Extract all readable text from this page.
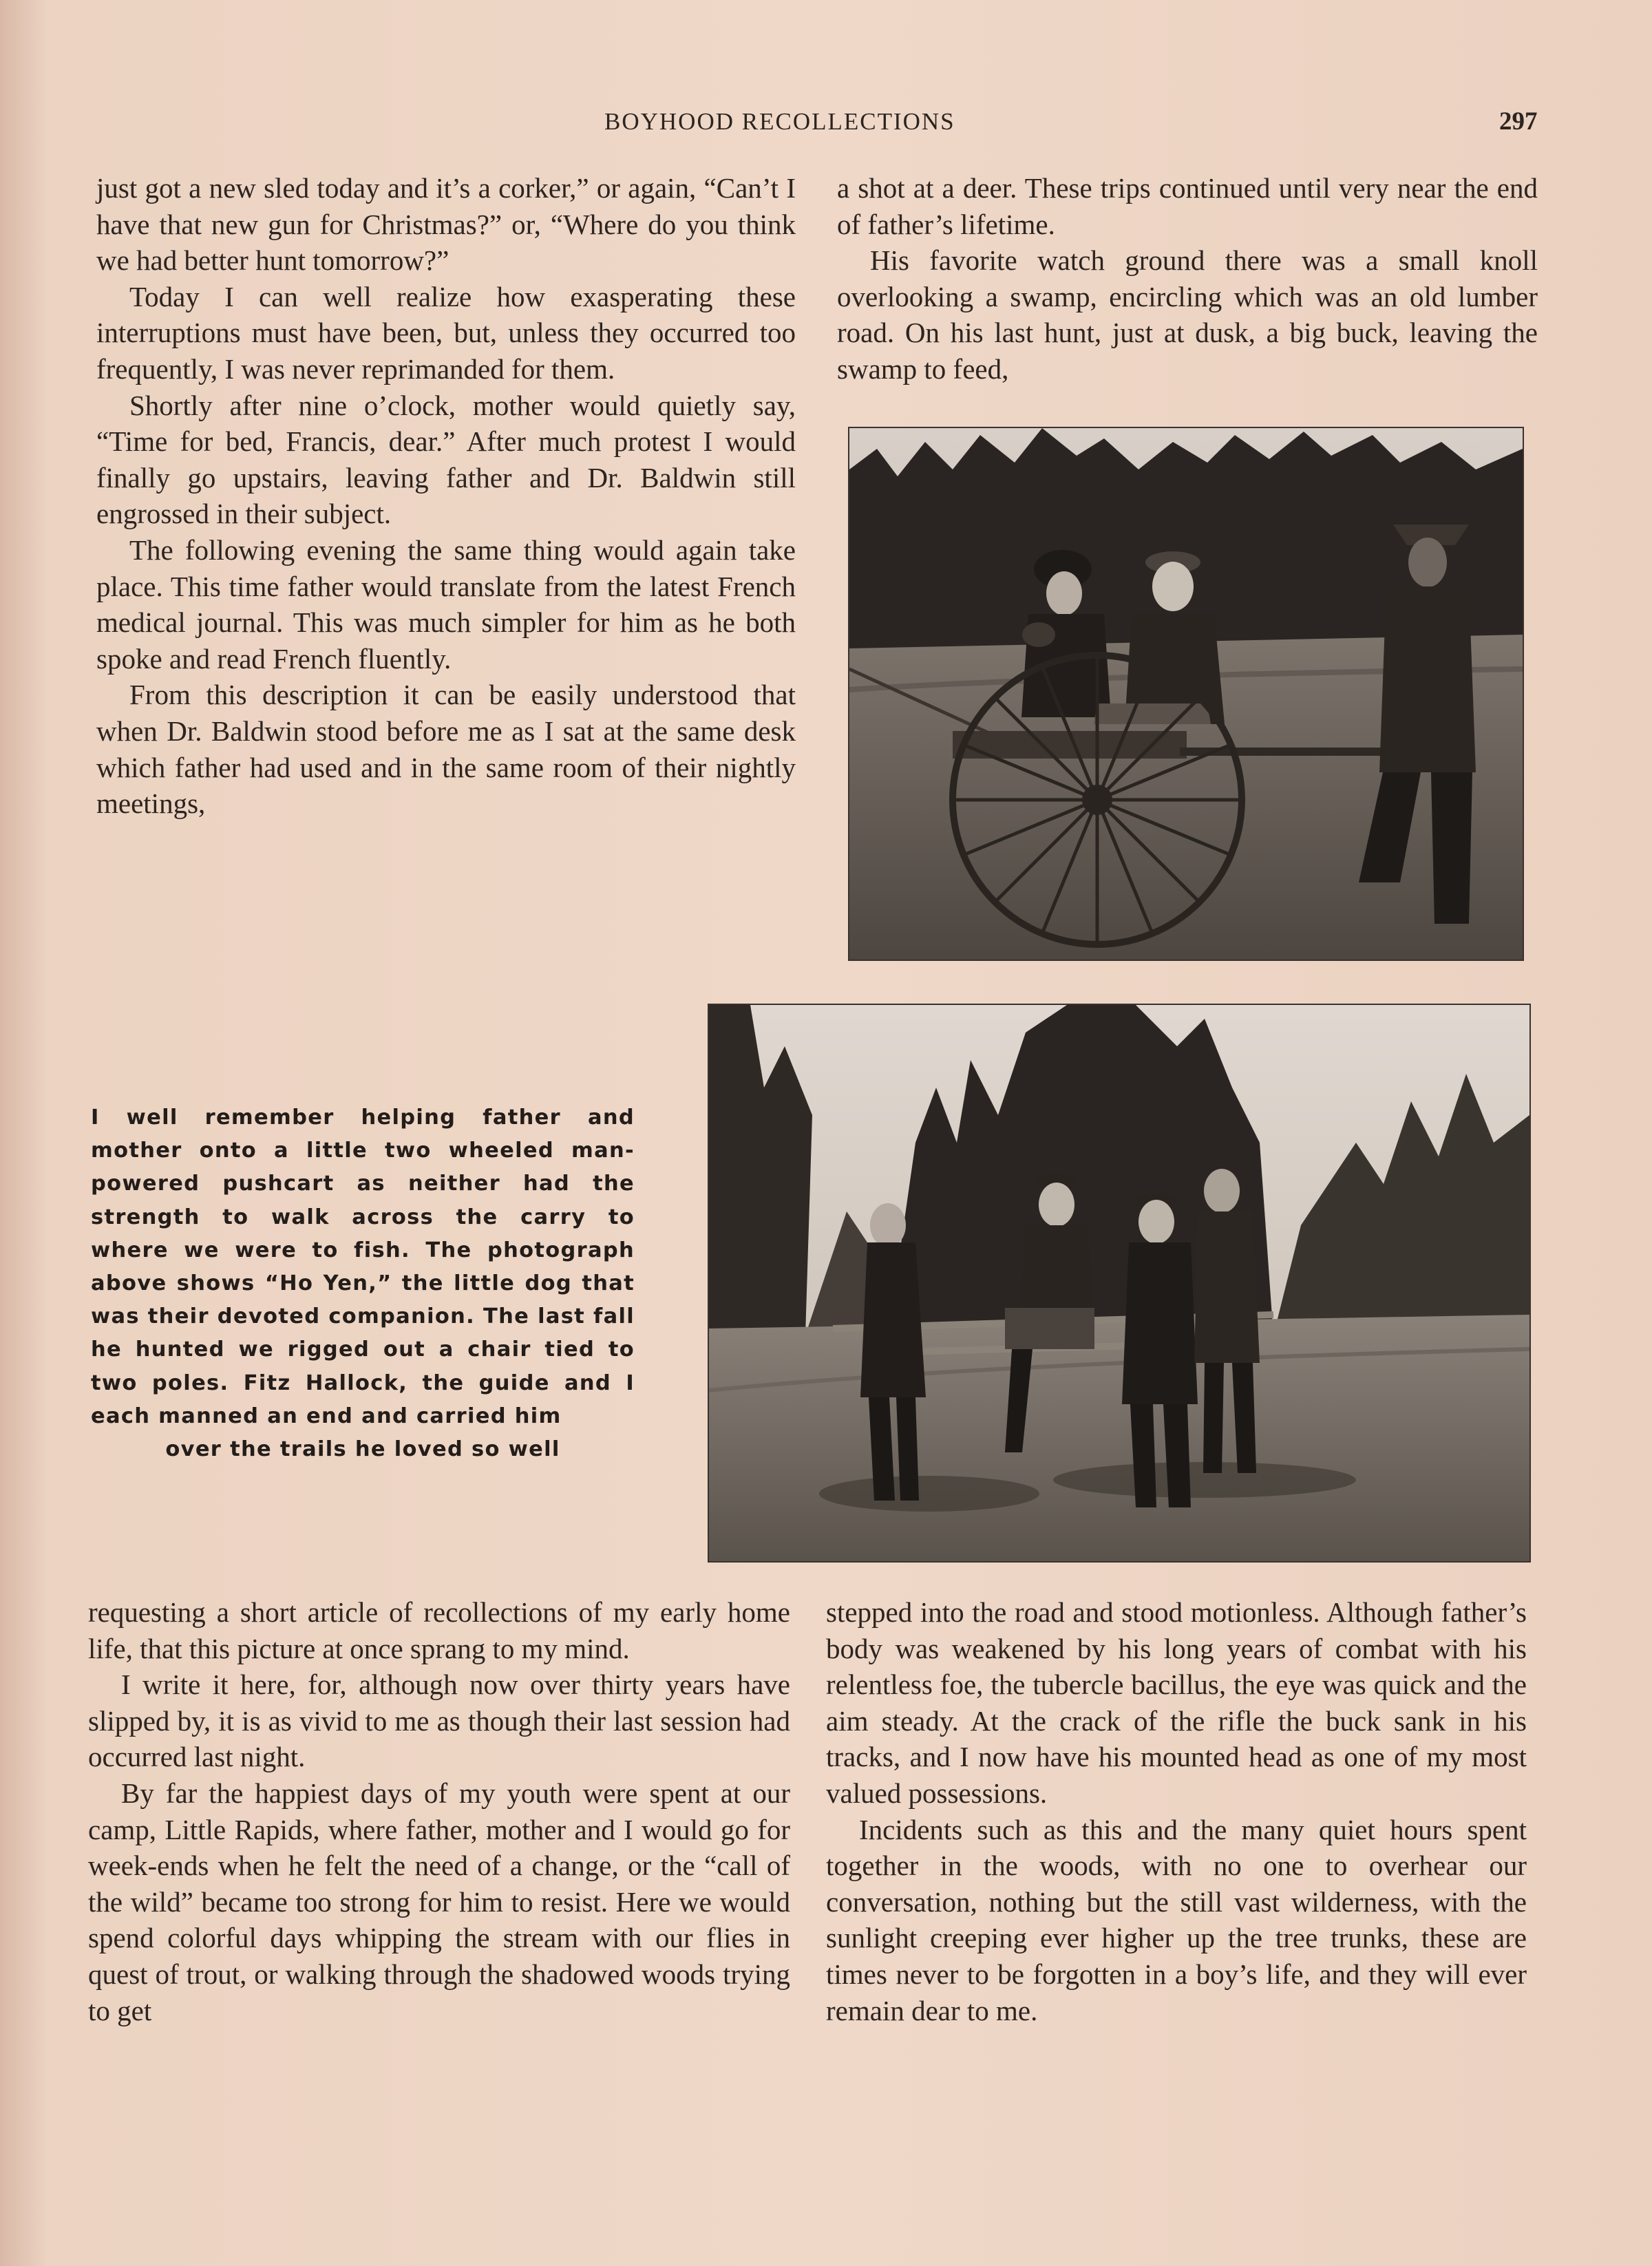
BOYHOOD RECOLLECTIONS	297

just got a new sled today and it’s a corker,” or again, “Can’t I have that new gun for Christmas?” or, “Where do you think we had better hunt tomorrow?”

Today I can well realize how exasperating these interruptions must have been, but, unless they occurred too frequently, I was never reprimanded for them.

Shortly after nine o’clock, mother would quietly say, “Time for bed, Francis, dear.” After much protest I would finally go upstairs, leaving father and Dr. Baldwin still engrossed in their subject.

The following evening the same thing would again take place. This time father would translate from the latest French medical journal. This was much simpler for him as he both spoke and read French fluently.

From this description it can be easily understood that when Dr. Baldwin stood before me as I sat at the same desk which father had used and in the same room of their nightly meetings,

a shot at a deer. These trips continued until very near the end of father’s lifetime.

His favorite watch ground there was a small knoll overlooking a swamp, encircling which was an old lumber road. On his last hunt, just at dusk, a big buck, leaving the swamp to feed,

I well remember helping father and mother onto a little two wheeled man-powered pushcart as neither had the strength to walk across the carry to where we were to fish. The photograph above shows “Ho Yen,” the little dog that was their devoted companion. The last fall he hunted we rigged out a chair tied to two poles. Fitz Hallock, the guide and I each manned an end and carried him
over the trails he loved so well

requesting a short article of recollections of my early home life, that this picture at once sprang to my mind.

I write it here, for, although now over thirty years have slipped by, it is as vivid to me as though their last session had occurred last night.

By far the happiest days of my youth were spent at our camp, Little Rapids, where father, mother and I would go for week-ends when he felt the need of a change, or the “call of the wild” became too strong for him to resist. Here we would spend colorful days whipping the stream with our flies in quest of trout, or walking through the shadowed woods trying to get

stepped into the road and stood motionless. Although father’s body was weakened by his long years of combat with his relentless foe, the tubercle bacillus, the eye was quick and the aim steady. At the crack of the rifle the buck sank in his tracks, and I now have his mounted head as one of my most valued possessions.

Incidents such as this and the many quiet hours spent together in the woods, with no one to overhear our conversation, nothing but the still vast wilderness, with the sunlight creeping ever higher up the tree trunks, these are times never to be forgotten in a boy’s life, and they will ever remain dear to me.
